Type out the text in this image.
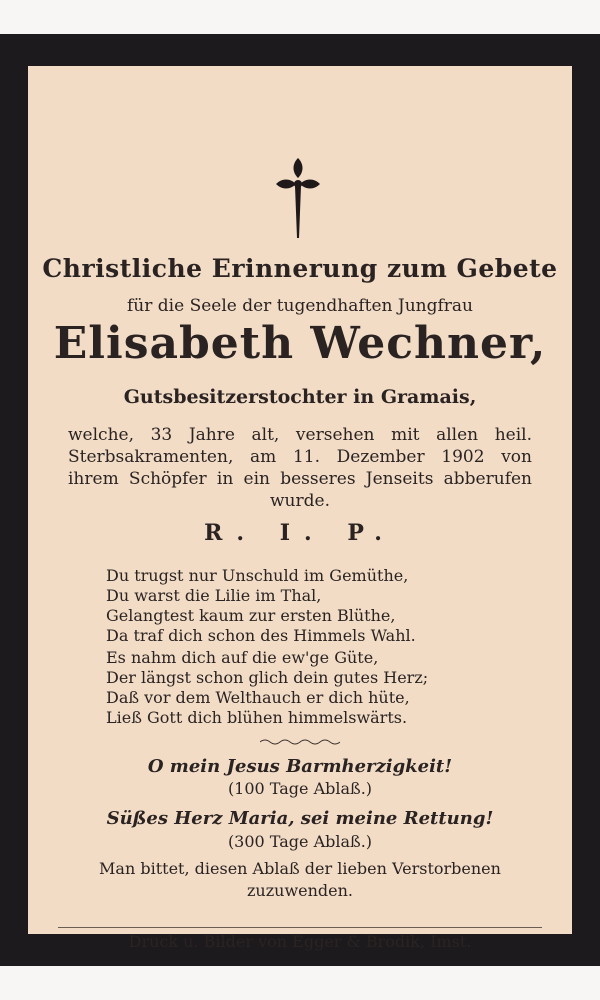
Christliche Erinnerung zum Gebete
für die Seele der tugendhaften Jungfrau
Elisabeth Wechner,
Gutsbesitzerstochter in Gramais,
welche, 33 Jahre alt, versehen mit allen heil.
Sterbsakramenten, am 11. Dezember 1902 von
ihrem Schöpfer in ein besseres Jenseits abberufen
wurde.
R. I. P.
Du trugst nur Unschuld im Gemüthe,
Du warst die Lilie im Thal,
Gelangtest kaum zur ersten Blüthe,
Da traf dich schon des Himmels Wahl.
Es nahm dich auf die ew'ge Güte,
Der längst schon glich dein gutes Herz;
Daß vor dem Welthauch er dich hüte,
Ließ Gott dich blühen himmelswärts.
O mein Jesus Barmherzigkeit!
(100 Tage Ablaß.)
Süßes Herz Maria, sei meine Rettung!
(300 Tage Ablaß.)
Man bittet, diesen Ablaß der lieben Verstorbenen
zuzuwenden.
Druck u. Bilder von Egger & Brodik, Imst.
